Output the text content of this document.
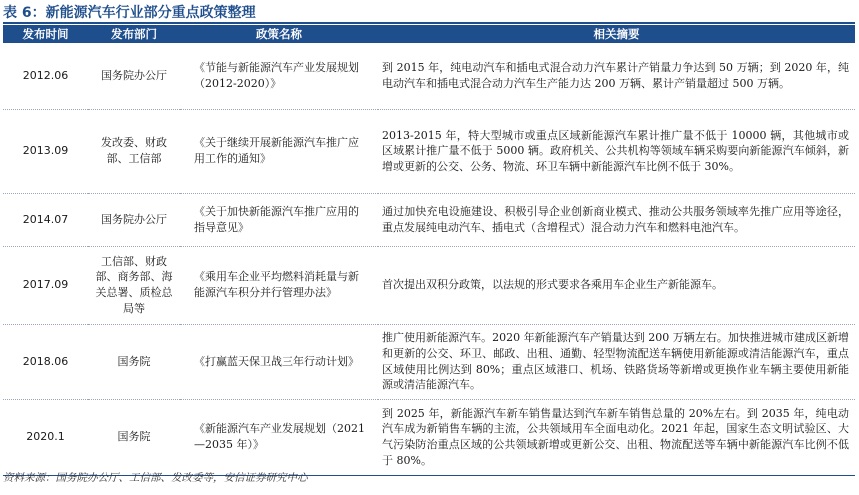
表 6：新能源汽车行业部分重点政策整理
发布时间	发布部门	政策名称	相关摘要
2012.06	国务院办公厅	《节能与新能源汽车产业发展规划（2012-2020）》	到 2015 年，纯电动汽车和插电式混合动力汽车累计产销量力争达到 50 万辆；到 2020 年，纯电动汽车和插电式混合动力汽车生产能力达 200 万辆、累计产销量超过 500 万辆。
2013.09	发改委、财政部、工信部	《关于继续开展新能源汽车推广应用工作的通知》	2013-2015 年，特大型城市或重点区域新能源汽车累计推广量不低于 10000 辆，其他城市或区域累计推广量不低于 5000 辆。政府机关、公共机构等领域车辆采购要向新能源汽车倾斜，新增或更新的公交、公务、物流、环卫车辆中新能源汽车比例不低于 30%。
2014.07	国务院办公厅	《关于加快新能源汽车推广应用的指导意见》	通过加快充电设施建设、积极引导企业创新商业模式、推动公共服务领域率先推广应用等途径，重点发展纯电动汽车、插电式（含增程式）混合动力汽车和燃料电池汽车。
2017.09	工信部、财政部、商务部、海关总署、质检总局等	《乘用车企业平均燃料消耗量与新能源汽车积分并行管理办法》	首次提出双积分政策，以法规的形式要求各乘用车企业生产新能源车。
2018.06	国务院	《打赢蓝天保卫战三年行动计划》	推广使用新能源汽车。2020 年新能源汽车产销量达到 200 万辆左右。加快推进城市建成区新增和更新的公交、环卫、邮政、出租、通勤、轻型物流配送车辆使用新能源或清洁能源汽车，重点区域使用比例达到 80%；重点区域港口、机场、铁路货场等新增或更换作业车辆主要使用新能源或清洁能源汽车。
2020.1	国务院	《新能源汽车产业发展规划（2021—2035 年）》	到 2025 年，新能源汽车新车销售量达到汽车新车销售总量的 20%左右。到 2035 年，纯电动汽车成为新销售车辆的主流，公共领域用车全面电动化。2021 年起，国家生态文明试验区、大气污染防治重点区域的公共领域新增或更新公交、出租、物流配送等车辆中新能源汽车比例不低于 80%。
资料来源：国务院办公厅、工信部、发改委等，安信证券研究中心
